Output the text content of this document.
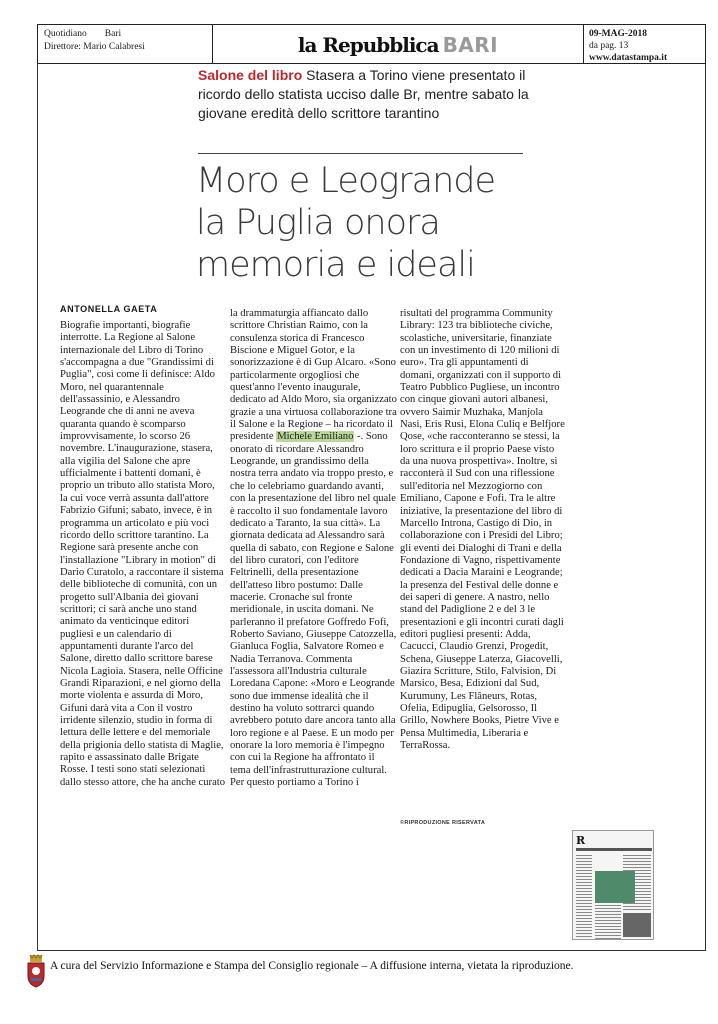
Quotidiano Bari
Direttore: Mario Calabresi	la Repubblica BARI	09-MAG-2018
da pag. 13
www.datastampa.it
Salone del libro Stasera a Torino viene presentato il ricordo dello statista ucciso dalle Br, mentre sabato la giovane eredità dello scrittore tarantino
Moro e Leogrande
la Puglia onora
memoria e ideali
ANTONELLA GAETA

Biografie importanti, biografie interrotte. La Regione al Salone internazionale del Libro di Torino s'accompagna a due "Grandissimi di Puglia", così come li definisce: Aldo Moro, nel quarantennale dell'assassinio, e Alessandro Leogrande che di anni ne aveva quaranta quando è scomparso improvvisamente, lo scorso 26 novembre. L'inaugurazione, stasera, alla vigilia del Salone che apre ufficialmente i battenti domani, è proprio un tributo allo statista Moro, la cui voce verrà assunta dall'attore Fabrizio Gifuni; sabato, invece, è in programma un articolato e più voci ricordo dello scrittore tarantino. La Regione sarà presente anche con l'installazione "Library in motion" di Dario Curatolo, a raccontare il sistema delle biblioteche di comunità, con un progetto sull'Albania dei giovani scrittori; ci sarà anche uno stand animato da venticinque editori pugliesi e un calendario di appuntamenti durante l'arco del Salone, diretto dallo scrittore barese Nicola Lagioia. Stasera, nelle Officine Grandi Riparazioni, e nel giorno della morte violenta e assurda di Moro, Gifuni darà vita a Con il vostro irridente silenzio, studio in forma di lettura delle lettere e del memoriale della prigionia dello statista di Maglie, rapito e assassinato dalle Brigate Rosse. I testi sono stati selezionati dallo stesso attore, che ha anche curato

la drammaturgia affiancato dallo scrittore Christian Raimo, con la consulenza storica di Francesco Biscione e Miguel Gotor, e la sonorizzazione è di Gup Alcaro. «Sono particolarmente orgogliosi che quest'anno l'evento inaugurale, dedicato ad Aldo Moro, sia organizzato grazie a una virtuosa collaborazione tra il Salone e la Regione – ha ricordato il presidente Michele Emiliano -. Sono onorato di ricordare Alessandro Leogrande, un grandissimo della nostra terra andato via troppo presto, e che lo celebriamo guardando avanti, con la presentazione del libro nel quale è raccolto il suo fondamentale lavoro dedicato a Taranto, la sua città». La giornata dedicata ad Alessandro sarà quella di sabato, con Regione e Salone del libro curatori, con l'editore Feltrinelli, della presentazione dell'atteso libro postumo: Dalle macerie. Cronache sul fronte meridionale, in uscita domani. Ne parleranno il prefatore Goffredo Fofi, Roberto Saviano, Giuseppe Catozzella, Gianluca Foglia, Salvatore Romeo e Nadia Terranova. Commenta l'assessora all'Industria culturale Loredana Capone: «Moro e Leogrande sono due immense idealità che il destino ha voluto sottrarci quando avrebbero potuto dare ancora tanto alla loro regione e al Paese. E un modo per onorare la loro memoria è l'impegno con cui la Regione ha affrontato il tema dell'infrastrutturazione cultural. Per questo portiamo a Torino i

risultati del programma Community Library: 123 tra biblioteche civiche, scolastiche, universitarie, finanziate con un investimento di 120 milioni di euro». Tra gli appuntamenti di domani, organizzati con il supporto di Teatro Pubblico Pugliese, un incontro con cinque giovani autori albanesi, ovvero Saimir Muzhaka, Manjola Nasi, Eris Rusi, Elona Culiq e Belfjore Qose, «che racconteranno se stessi, la loro scrittura e il proprio Paese visto da una nuova prospettiva». Inoltre, si racconterà il Sud con una riflessione sull'editoria nel Mezzogiorno con Emiliano, Capone e Fofi. Tra le altre iniziative, la presentazione del libro di Marcello Introna, Castigo di Dio, in collaborazione con i Presìdi del Libro; gli eventi dei Dialoghi di Trani e della Fondazione di Vagno, rispettivamente dedicati a Dacia Maraini e Leogrande; la presenza del Festival delle donne e dei saperi di genere. A nastro, nello stand del Padiglione 2 e del 3 le presentazioni e gli incontri curati dagli editori pugliesi presenti: Adda, Cacucci, Claudio Grenzi, Progedit, Schena, Giuseppe Laterza, Giacovelli, Giazira Scritture, Stilo, Falvision, Di Marsico, Besa, Edizioni dal Sud, Kurumuny, Les Flâneurs, Rotas, Ofelia, Edipuglia, Gelsorosso, Il Grillo, Nowhere Books, Pietre Vive e Pensa Multimedia, Liberaria e TerraRossa.

©RIPRODUZIONE RISERVATA
R
A cura del Servizio Informazione e Stampa del Consiglio regionale – A diffusione interna, vietata la riproduzione.
